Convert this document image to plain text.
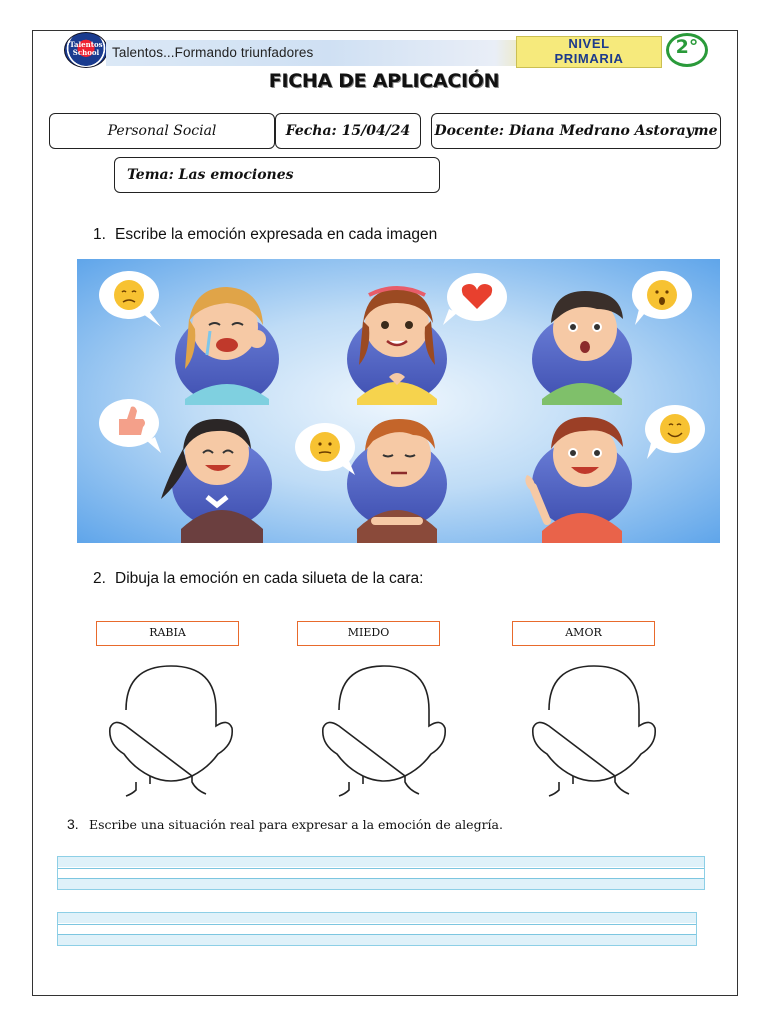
Talentos School Talentos...Formando triunfadores
NIVEL
PRIMARIA
2°
FICHA DE APLICACIÓN
Personal Social	Fecha: 15/04/24	Docente: Diana Medrano Astorayme
Tema: Las emociones
1. Escribe la emoción expresada en cada imagen
2. Dibuja la emoción en cada silueta de la cara:
RABIA	MIEDO	AMOR
3. Escribe una situación real para expresar a la emoción de alegría.
